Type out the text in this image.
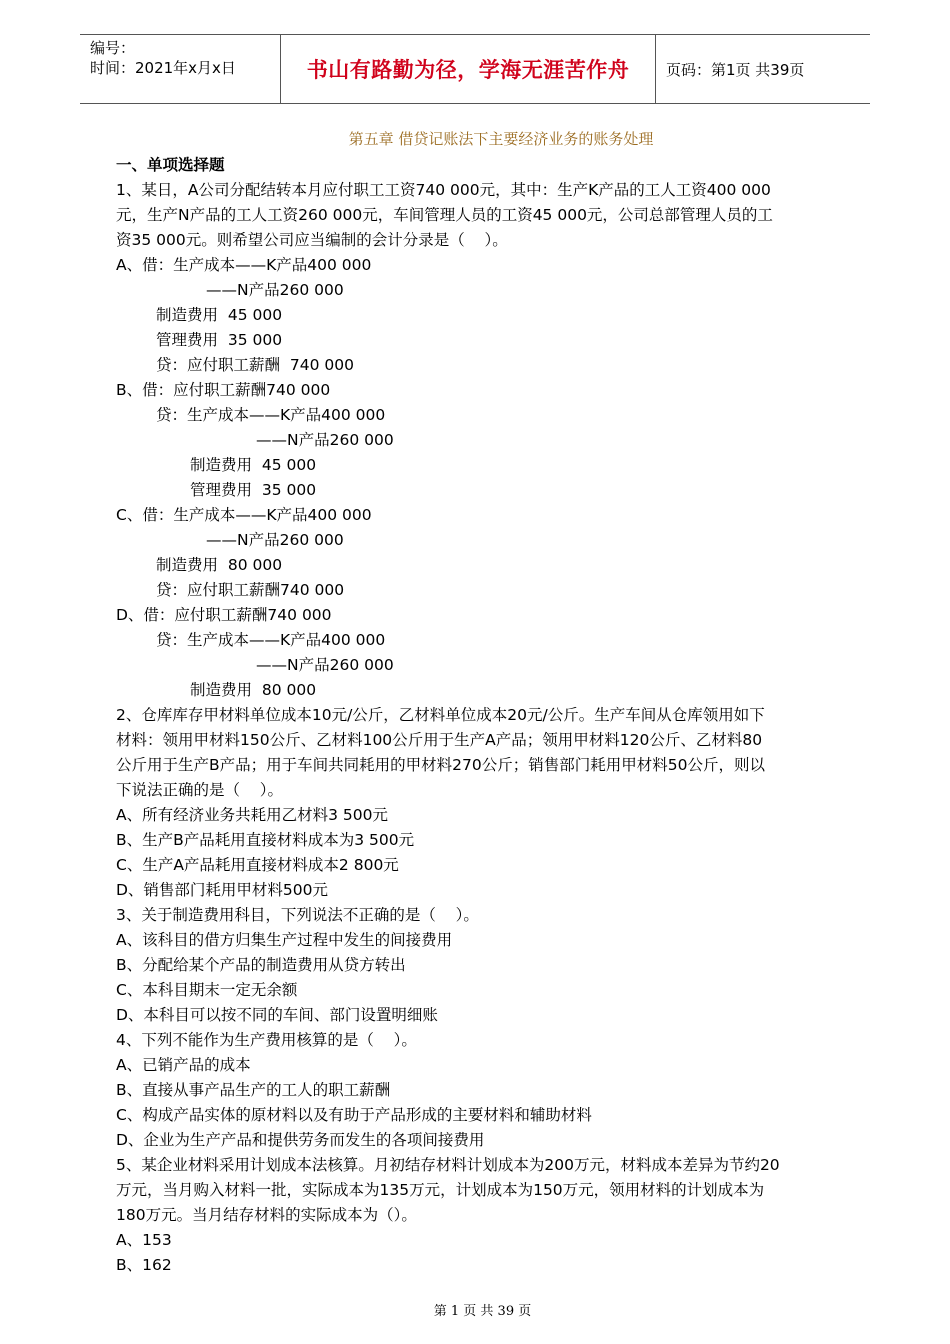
编号：
时间：2021年x月x日	书山有路勤为径，学海无涯苦作舟 页码：第1页 共39页
第五章 借贷记账法下主要经济业务的账务处理
一、单项选择题
1、某日，A公司分配结转本月应付职工工资740 000元，其中：生产K产品的工人工资400 000
元，生产N产品的工人工资260 000元，车间管理人员的工资45 000元，公司总部管理人员的工
资35 000元。则希望公司应当编制的会计分录是（    ）。
A、借：生产成本——K产品400 000
——N产品260 000
制造费用  45 000
管理费用  35 000
贷：应付职工薪酬  740 000
B、借：应付职工薪酬740 000
贷：生产成本——K产品400 000
——N产品260 000
制造费用  45 000
管理费用  35 000
C、借：生产成本——K产品400 000
——N产品260 000
制造费用  80 000
贷：应付职工薪酬740 000
D、借：应付职工薪酬740 000
贷：生产成本——K产品400 000
——N产品260 000
制造费用  80 000
2、仓库库存甲材料单位成本10元/公斤，乙材料单位成本20元/公斤。生产车间从仓库领用如下
材料：领用甲材料150公斤、乙材料100公斤用于生产A产品；领用甲材料120公斤、乙材料80
公斤用于生产B产品；用于车间共同耗用的甲材料270公斤；销售部门耗用甲材料50公斤，则以
下说法正确的是（    ）。
A、所有经济业务共耗用乙材料3 500元
B、生产B产品耗用直接材料成本为3 500元
C、生产A产品耗用直接材料成本2 800元
D、销售部门耗用甲材料500元
3、关于制造费用科目，下列说法不正确的是（    ）。
A、该科目的借方归集生产过程中发生的间接费用
B、分配给某个产品的制造费用从贷方转出
C、本科目期末一定无余额
D、本科目可以按不同的车间、部门设置明细账
4、下列不能作为生产费用核算的是（    ）。
A、已销产品的成本
B、直接从事产品生产的工人的职工薪酬
C、构成产品实体的原材料以及有助于产品形成的主要材料和辅助材料
D、企业为生产产品和提供劳务而发生的各项间接费用
5、某企业材料采用计划成本法核算。月初结存材料计划成本为200万元，材料成本差异为节约20
万元，当月购入材料一批，实际成本为135万元，计划成本为150万元，领用材料的计划成本为
180万元。当月结存材料的实际成本为（）。
A、153
B、162
第 1 页 共 39 页
